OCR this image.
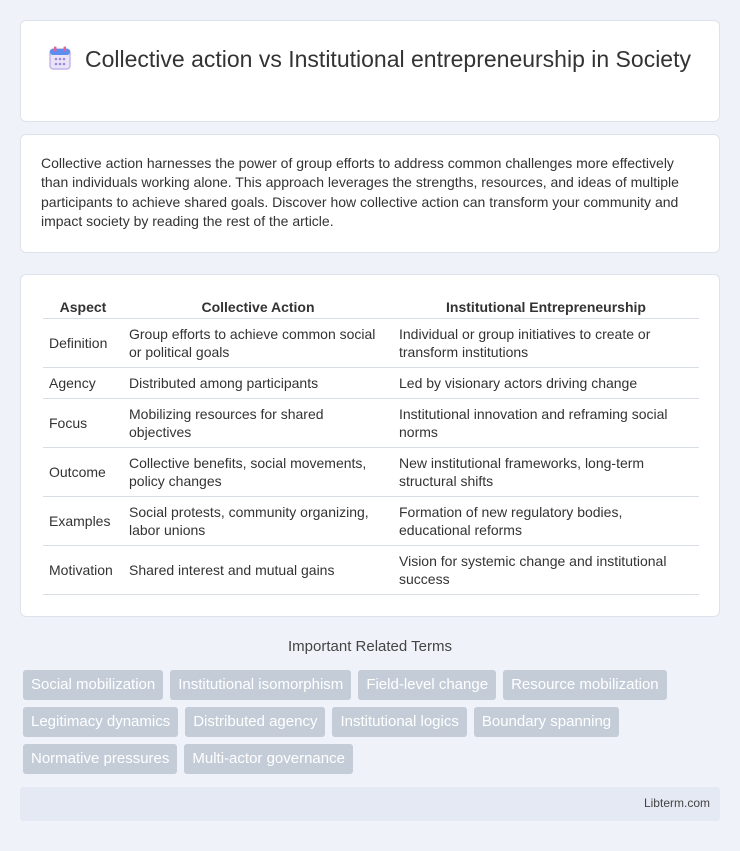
Collective action vs Institutional entrepreneurship in Society

Collective action harnesses the power of group efforts to address common challenges more effectively than individuals working alone. This approach leverages the strengths, resources, and ideas of multiple participants to achieve shared goals. Discover how collective action can transform your community and impact society by reading the rest of the article.

Aspect	Collective Action	Institutional Entrepreneurship
Definition	Group efforts to achieve common social or political goals	Individual or group initiatives to create or transform institutions
Agency	Distributed among participants	Led by visionary actors driving change
Focus	Mobilizing resources for shared objectives	Institutional innovation and reframing social norms
Outcome	Collective benefits, social movements, policy changes	New institutional frameworks, long-term structural shifts
Examples	Social protests, community organizing, labor unions	Formation of new regulatory bodies, educational reforms
Motivation	Shared interest and mutual gains	Vision for systemic change and institutional success
Important Related Terms
Social mobilization	Institutional isomorphism	Field-level change	Resource mobilization
Legitimacy dynamics	Distributed agency	Institutional logics	Boundary spanning
Normative pressures	Multi-actor governance
Libterm.com
